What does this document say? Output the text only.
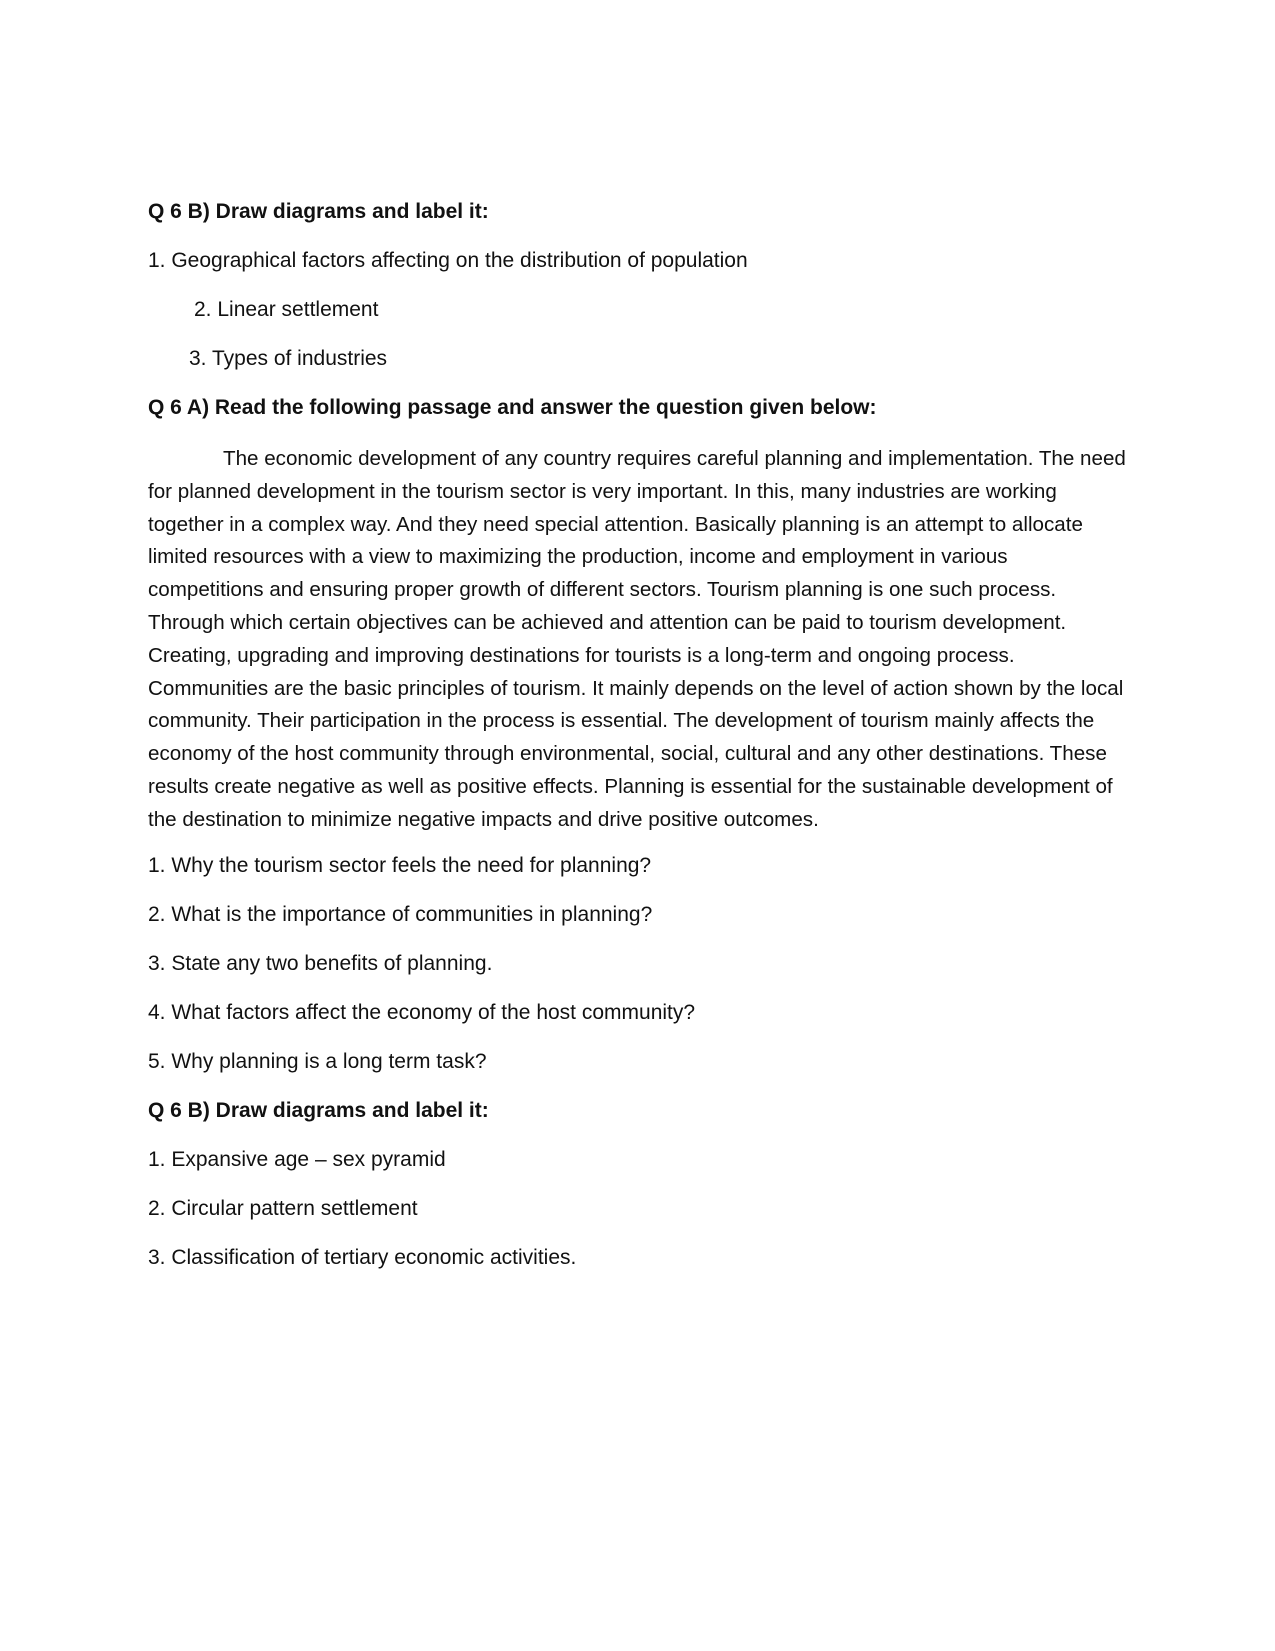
Q 6 B) Draw diagrams and label it:
1. Geographical factors affecting on the distribution of population
2. Linear settlement
3. Types of industries
Q 6 A) Read the following passage and answer the question given below:
The economic development of any country requires careful planning and implementation. The need for planned development in the tourism sector is very important. In this, many industries are working together in a complex way. And they need special attention. Basically planning is an attempt to allocate limited resources with a view to maximizing the production, income and employment in various competitions and ensuring proper growth of different sectors. Tourism planning is one such process. Through which certain objectives can be achieved and attention can be paid to tourism development. Creating, upgrading and improving destinations for tourists is a long-term and ongoing process. Communities are the basic principles of tourism. It mainly depends on the level of action shown by the local community. Their participation in the process is essential. The development of tourism mainly affects the economy of the host community through environmental, social, cultural and any other destinations. These results create negative as well as positive effects. Planning is essential for the sustainable development of the destination to minimize negative impacts and drive positive outcomes.
1. Why the tourism sector feels the need for planning?
2. What is the importance of communities in planning?
3. State any two benefits of planning.
4. What factors affect the economy of the host community?
5. Why planning is a long term task?
Q 6 B) Draw diagrams and label it:
1. Expansive age – sex pyramid
2. Circular pattern settlement
3. Classification of tertiary economic activities.
